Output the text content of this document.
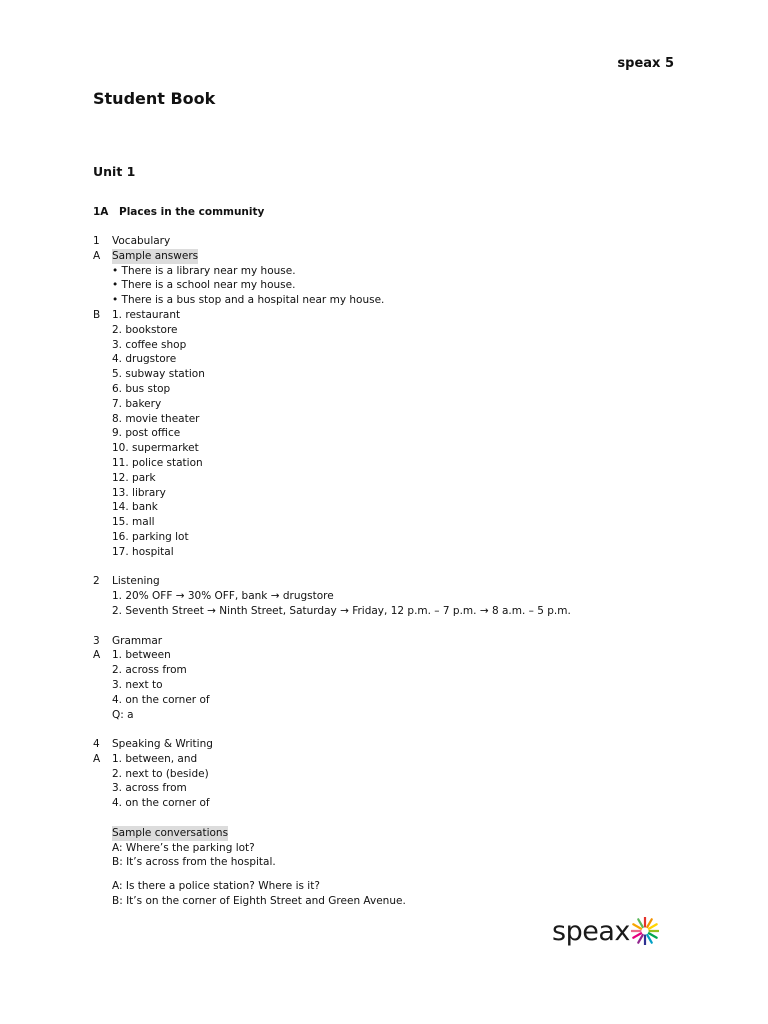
speax 5
Student Book
Unit 1
1A Places in the community
1	Vocabulary
A	Sample answers
• There is a library near my house.
• There is a school near my house.
• There is a bus stop and a hospital near my house.
B	1. restaurant
2. bookstore
3. coffee shop
4. drugstore
5. subway station
6. bus stop
7. bakery
8. movie theater
9. post office
10. supermarket
11. police station
12. park
13. library
14. bank
15. mall
16. parking lot
17. hospital
2	Listening
1. 20% OFF → 30% OFF, bank → drugstore
2. Seventh Street → Ninth Street, Saturday → Friday, 12 p.m. – 7 p.m. → 8 a.m. – 5 p.m.
3	Grammar
A	1. between
2. across from
3. next to
4. on the corner of
Q: a
4	Speaking & Writing
A	1. between, and
2. next to (beside)
3. across from
4. on the corner of
Sample conversations
A: Where’s the parking lot?
B: It’s across from the hospital.
A: Is there a police station? Where is it?
B: It’s on the corner of Eighth Street and Green Avenue.
speax
